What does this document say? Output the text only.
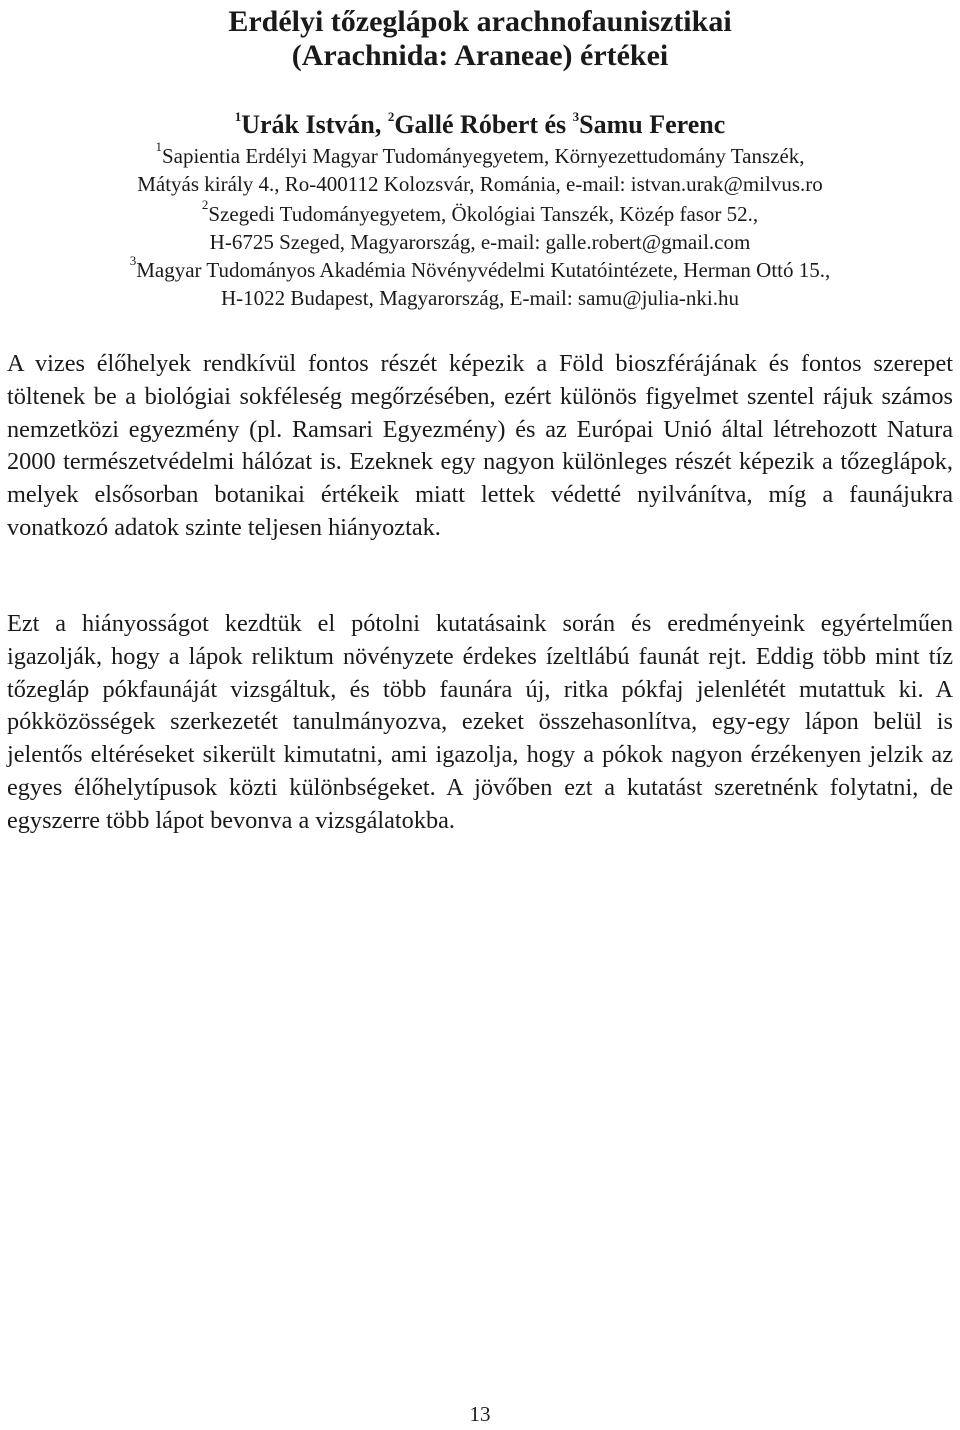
Erdélyi tőzeglápok arachnofaunisztikai
(Arachnida: Araneae) értékei
$^1$Urák István, $^2$Gallé Róbert és $^3$Samu Ferenc
$^1$Sapientia Erdélyi Magyar Tudományegyetem, Környezettudomány Tanszék,
Mátyás király 4., Ro-400112 Kolozsvár, Románia, e-mail: istvan.urak@milvus.ro
$^2$Szegedi Tudományegyetem, Ökológiai Tanszék, Közép fasor 52.,
H-6725 Szeged, Magyarország, e-mail: galle.robert@gmail.com
$^3$Magyar Tudományos Akadémia Növényvédelmi Kutatóintézete, Herman Ottó 15.,
H-1022 Budapest, Magyarország, E-mail: samu@julia-nki.hu

A vizes élőhelyek rendkívül fontos részét képezik a Föld bioszférájának és fontos szerepet töltenek be a biológiai sokféleség megőrzésében, ezért különös figyelmet szentel rájuk számos nemzetközi egyezmény (pl. Ramsari Egyezmény) és az Európai Unió által létrehozott Natura 2000 természetvédelmi hálózat is. Ezeknek egy nagyon különleges részét képezik a tőzeglápok, melyek elsősorban botanikai értékeik miatt lettek védetté nyilvánítva, míg a faunájukra vonatkozó adatok szinte teljesen hiányoztak.

Ezt a hiányosságot kezdtük el pótolni kutatásaink során és eredményeink egyértelműen igazolják, hogy a lápok reliktum növényzete érdekes ízeltlábú faunát rejt. Eddig több mint tíz tőzegláp pókfaunáját vizsgáltuk, és több faunára új, ritka pókfaj jelenlétét mutattuk ki. A pókközösségek szerkezetét tanulmányozva, ezeket összehasonlítva, egy-egy lápon belül is jelentős eltéréseket sikerült kimutatni, ami igazolja, hogy a pókok nagyon érzékenyen jelzik az egyes élőhelytípusok közti különbségeket. A jövőben ezt a kutatást szeretnénk folytatni, de egyszerre több lápot bevonva a vizsgálatokba.

13
